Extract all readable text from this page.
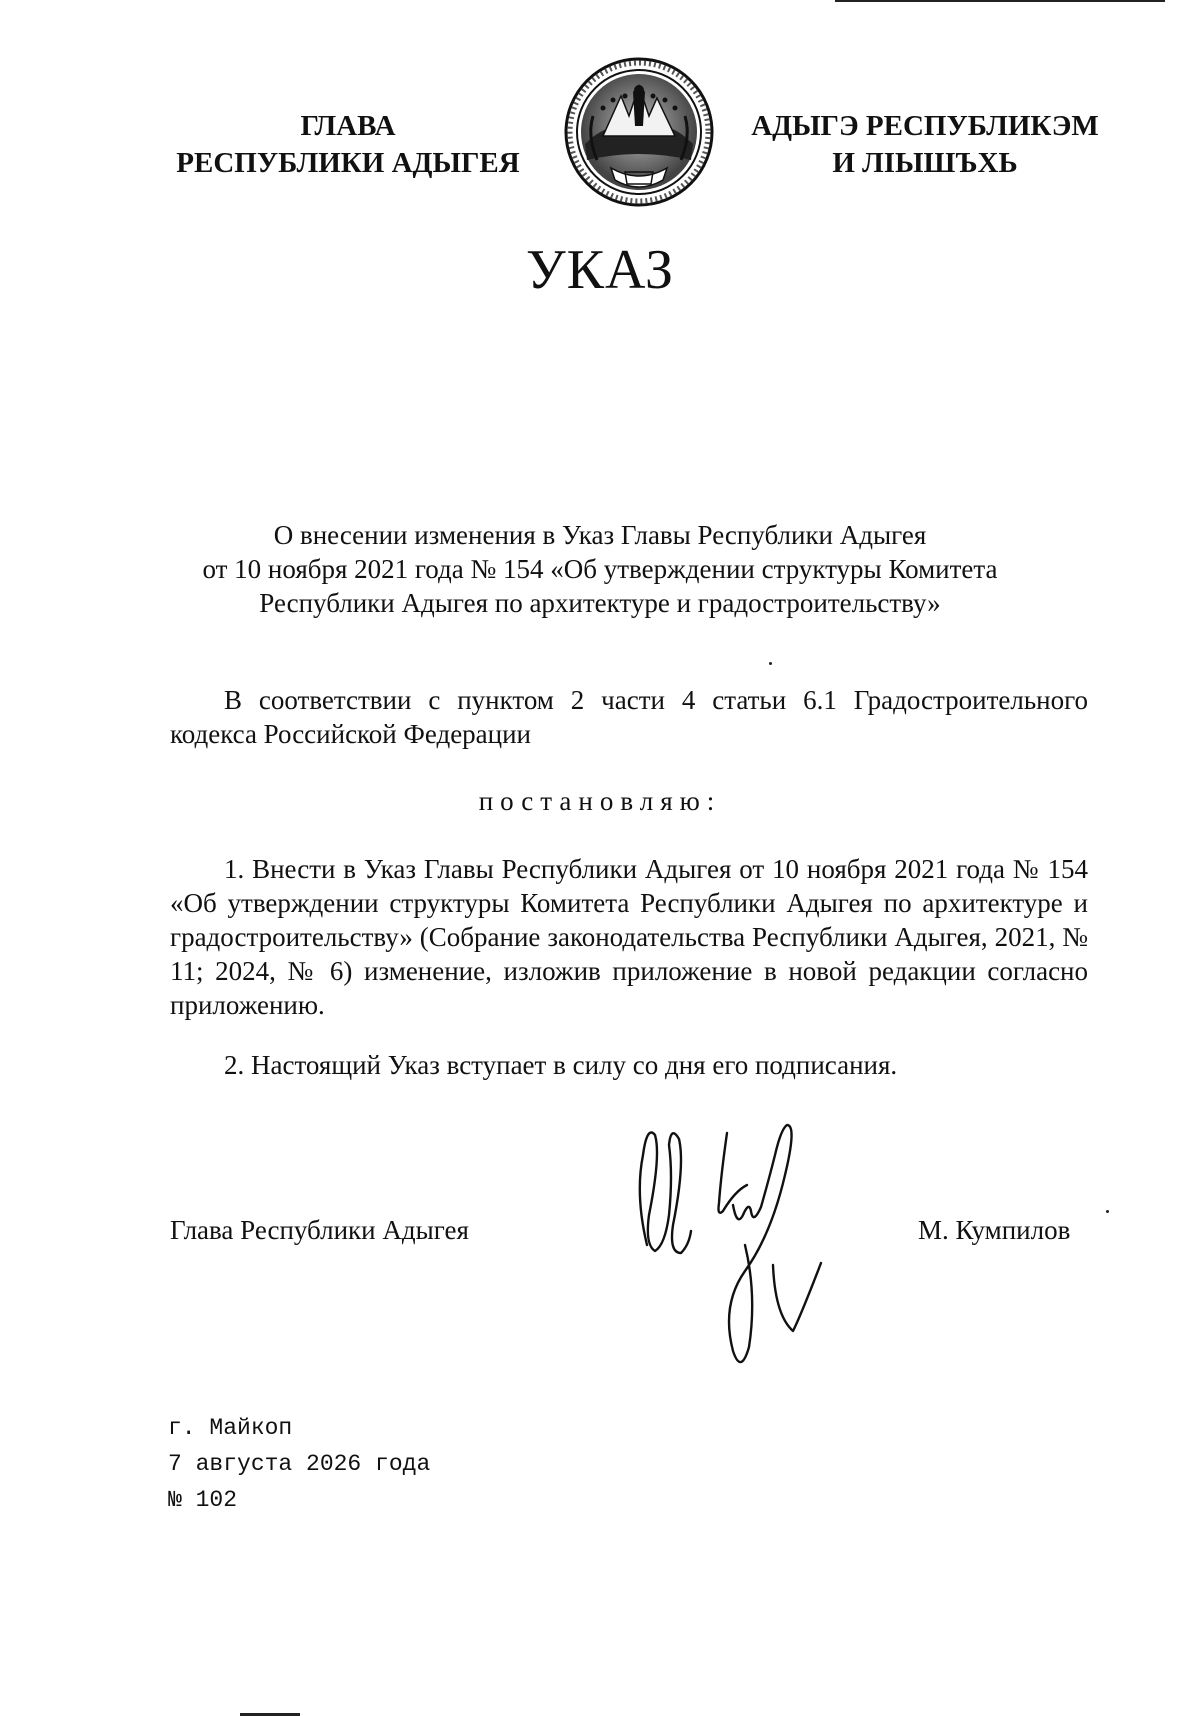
ГЛАВА
РЕСПУБЛИКИ АДЫГЕЯ
АДЫГЭ РЕСПУБЛИКЭМ
И ЛІЫШЪХЬ
УКАЗ
О внесении изменения в Указ Главы Республики Адыгея
от 10 ноября 2021 года № 154 «Об утверждении структуры Комитета
Республики Адыгея по архитектуре и градостроительству»
В соответствии с пунктом 2 части 4 статьи 6.1 Градостроительного кодекса Российской Федерации
постановляю:
1. Внести в Указ Главы Республики Адыгея от 10 ноября 2021 года № 154 «Об утверждении структуры Комитета Республики Адыгея по архитектуре и градостроительству» (Собрание законодательства Республики Адыгея, 2021, № 11; 2024, № 6) изменение, изложив приложение в новой редакции согласно приложению.
2. Настоящий Указ вступает в силу со дня его подписания.
Глава Республики Адыгея	М. Кумпилов
г. Майкоп
7 августа 2026 года
№ 102
